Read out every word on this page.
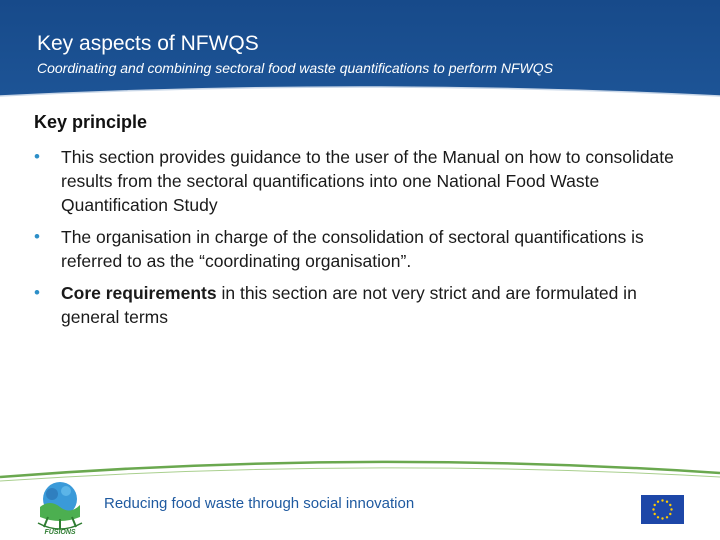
Key aspects of NFWQS
Coordinating and combining sectoral food waste quantifications to perform NFWQS
Key principle
• This section provides guidance to the user of the Manual on how to consolidate results from the sectoral quantifications into one National Food Waste Quantification Study
• The organisation in charge of the consolidation of sectoral quantifications is referred to as the “coordinating organisation”.
• Core requirements in this section are not very strict and are formulated in general terms
FUSIONS
Reducing food waste through social innovation
